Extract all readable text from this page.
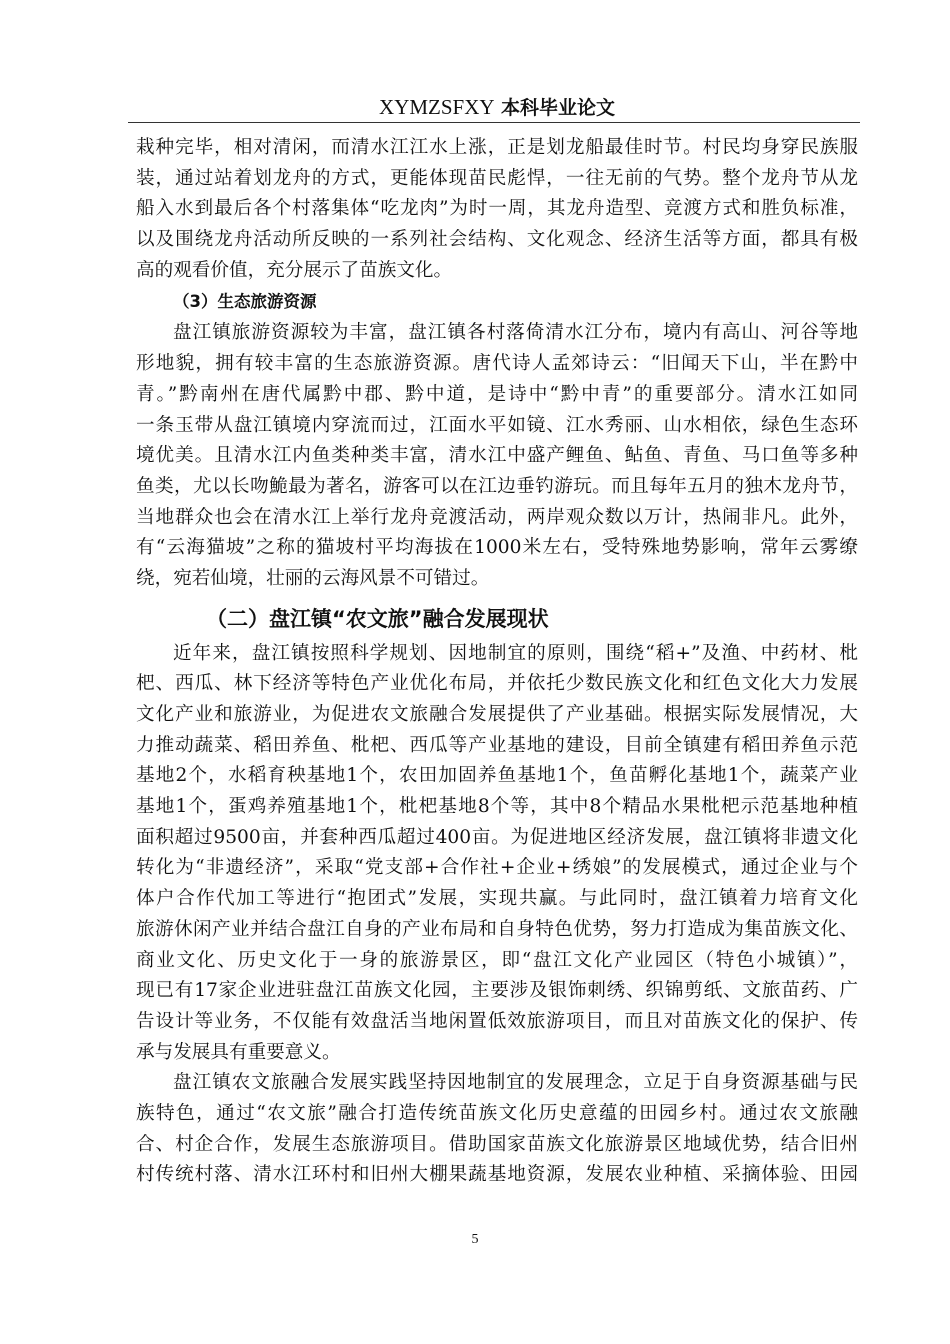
XYMZSFXY 本科毕业论文
栽种完毕，相对清闲，而清水江江水上涨，正是划龙船最佳时节。村民均身穿民族服
装，通过站着划龙舟的方式，更能体现苗民彪悍，一往无前的气势。整个龙舟节从龙
船入水到最后各个村落集体“吃龙肉”为时一周，其龙舟造型、竞渡方式和胜负标准，
以及围绕龙舟活动所反映的一系列社会结构、文化观念、经济生活等方面，都具有极
高的观看价值，充分展示了苗族文化。
（3）生态旅游资源
盘江镇旅游资源较为丰富，盘江镇各村落倚清水江分布，境内有高山、河谷等地
形地貌，拥有较丰富的生态旅游资源。唐代诗人孟郊诗云：“旧闻天下山，半在黔中
青。”黔南州在唐代属黔中郡、黔中道，是诗中“黔中青”的重要部分。清水江如同
一条玉带从盘江镇境内穿流而过，江面水平如镜、江水秀丽、山水相依，绿色生态环
境优美。且清水江内鱼类种类丰富，清水江中盛产鲤鱼、鲇鱼、青鱼、马口鱼等多种
鱼类，尤以长吻鮠最为著名，游客可以在江边垂钓游玩。而且每年五月的独木龙舟节，
当地群众也会在清水江上举行龙舟竞渡活动，两岸观众数以万计，热闹非凡。此外，
有“云海猫坡”之称的猫坡村平均海拔在1000米左右，受特殊地势影响，常年云雾缭
绕，宛若仙境，壮丽的云海风景不可错过。
（二）盘江镇“农文旅”融合发展现状
近年来，盘江镇按照科学规划、因地制宜的原则，围绕“稻+”及渔、中药材、枇
杷、西瓜、林下经济等特色产业优化布局，并依托少数民族文化和红色文化大力发展
文化产业和旅游业，为促进农文旅融合发展提供了产业基础。根据实际发展情况，大
力推动蔬菜、稻田养鱼、枇杷、西瓜等产业基地的建设，目前全镇建有稻田养鱼示范
基地2个，水稻育秧基地1个，农田加固养鱼基地1个，鱼苗孵化基地1个，蔬菜产业
基地1个，蛋鸡养殖基地1个，枇杷基地8个等，其中8个精品水果枇杷示范基地种植
面积超过9500亩，并套种西瓜超过400亩。为促进地区经济发展，盘江镇将非遗文化
转化为“非遗经济”，采取“党支部+合作社+企业+绣娘”的发展模式，通过企业与个
体户合作代加工等进行“抱团式”发展，实现共赢。与此同时，盘江镇着力培育文化
旅游休闲产业并结合盘江自身的产业布局和自身特色优势，努力打造成为集苗族文化、
商业文化、历史文化于一身的旅游景区，即“盘江文化产业园区（特色小城镇）”，
现已有17家企业进驻盘江苗族文化园，主要涉及银饰刺绣、织锦剪纸、文旅苗药、广
告设计等业务，不仅能有效盘活当地闲置低效旅游项目，而且对苗族文化的保护、传
承与发展具有重要意义。
盘江镇农文旅融合发展实践坚持因地制宜的发展理念，立足于自身资源基础与民
族特色，通过“农文旅”融合打造传统苗族文化历史意蕴的田园乡村。通过农文旅融
合、村企合作，发展生态旅游项目。借助国家苗族文化旅游景区地域优势，结合旧州
村传统村落、清水江环村和旧州大棚果蔬基地资源，发展农业种植、采摘体验、田园
5
